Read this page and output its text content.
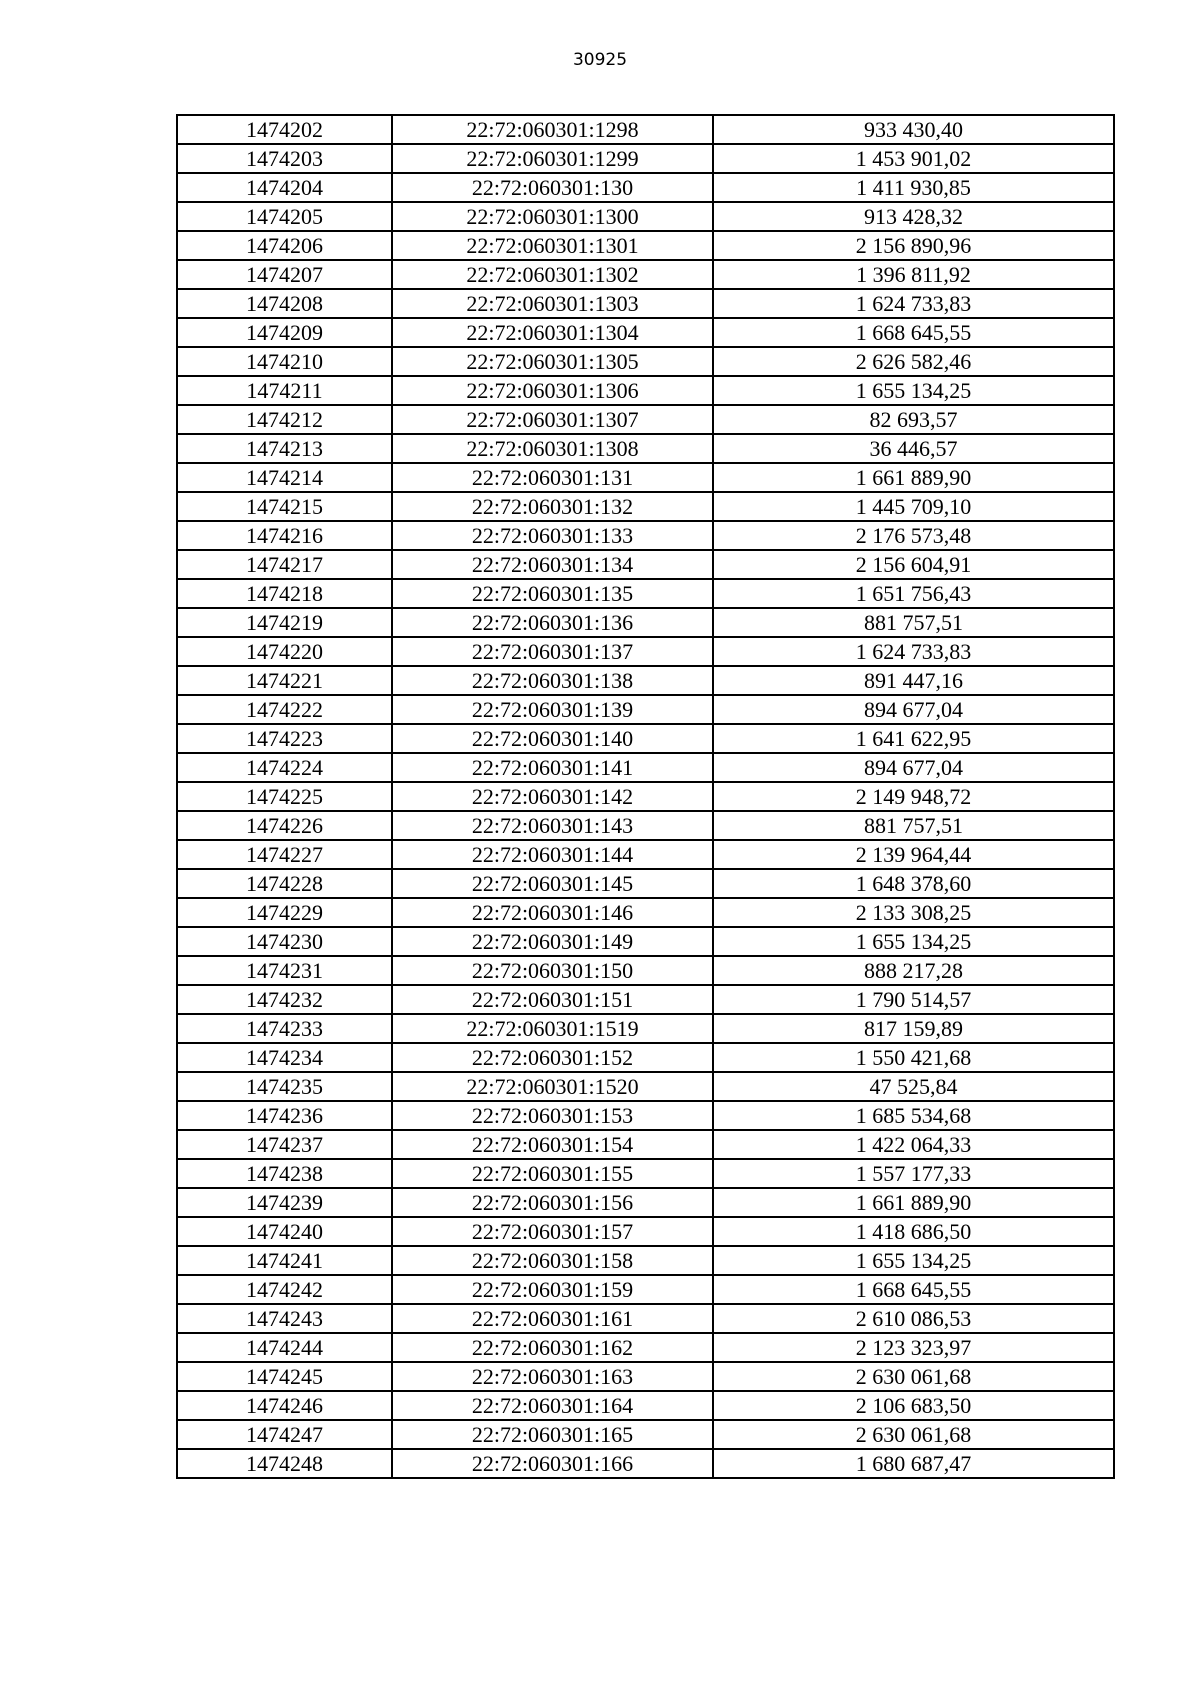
30925
1474202	22:72:060301:1298	933 430,40
1474203	22:72:060301:1299	1 453 901,02
1474204	22:72:060301:130	1 411 930,85
1474205	22:72:060301:1300	913 428,32
1474206	22:72:060301:1301	2 156 890,96
1474207	22:72:060301:1302	1 396 811,92
1474208	22:72:060301:1303	1 624 733,83
1474209	22:72:060301:1304	1 668 645,55
1474210	22:72:060301:1305	2 626 582,46
1474211	22:72:060301:1306	1 655 134,25
1474212	22:72:060301:1307	82 693,57
1474213	22:72:060301:1308	36 446,57
1474214	22:72:060301:131	1 661 889,90
1474215	22:72:060301:132	1 445 709,10
1474216	22:72:060301:133	2 176 573,48
1474217	22:72:060301:134	2 156 604,91
1474218	22:72:060301:135	1 651 756,43
1474219	22:72:060301:136	881 757,51
1474220	22:72:060301:137	1 624 733,83
1474221	22:72:060301:138	891 447,16
1474222	22:72:060301:139	894 677,04
1474223	22:72:060301:140	1 641 622,95
1474224	22:72:060301:141	894 677,04
1474225	22:72:060301:142	2 149 948,72
1474226	22:72:060301:143	881 757,51
1474227	22:72:060301:144	2 139 964,44
1474228	22:72:060301:145	1 648 378,60
1474229	22:72:060301:146	2 133 308,25
1474230	22:72:060301:149	1 655 134,25
1474231	22:72:060301:150	888 217,28
1474232	22:72:060301:151	1 790 514,57
1474233	22:72:060301:1519	817 159,89
1474234	22:72:060301:152	1 550 421,68
1474235	22:72:060301:1520	47 525,84
1474236	22:72:060301:153	1 685 534,68
1474237	22:72:060301:154	1 422 064,33
1474238	22:72:060301:155	1 557 177,33
1474239	22:72:060301:156	1 661 889,90
1474240	22:72:060301:157	1 418 686,50
1474241	22:72:060301:158	1 655 134,25
1474242	22:72:060301:159	1 668 645,55
1474243	22:72:060301:161	2 610 086,53
1474244	22:72:060301:162	2 123 323,97
1474245	22:72:060301:163	2 630 061,68
1474246	22:72:060301:164	2 106 683,50
1474247	22:72:060301:165	2 630 061,68
1474248	22:72:060301:166	1 680 687,47
